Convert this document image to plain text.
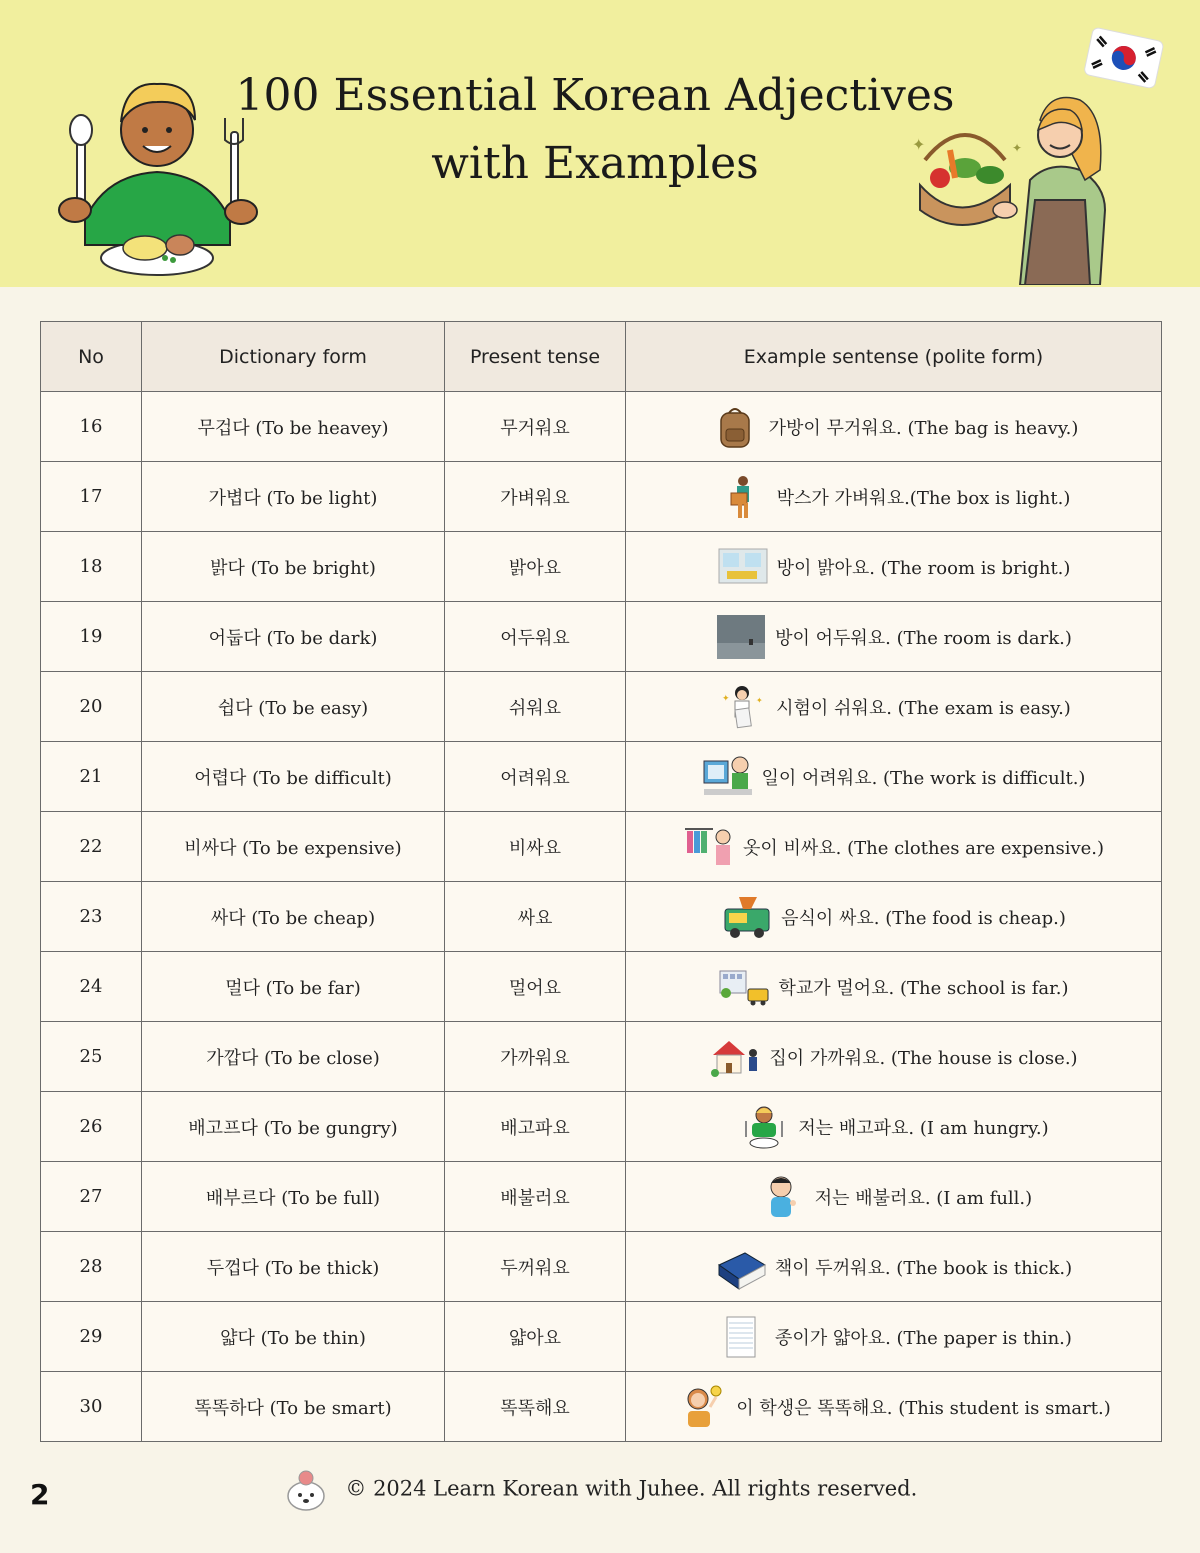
100 Essential Korean Adjectives
with Examples	✦	✦
No	Dictionary form	Present tense	Example sentense (polite form)
16	무겁다 (To be heavey)	무거워요	가방이 무거워요. (The bag is heavy.)

17	가볍다 (To be light)	가벼워요	박스가 가벼워요.(The box is light.)

18	밝다 (To be bright)	밝아요	방이 밝아요. (The room is bright.)

19	어둡다 (To be dark)	어두워요	방이 어두워요. (The room is dark.)

20	쉽다 (To be easy)	쉬워요	✦ ✦ 시험이 쉬워요. (The exam is easy.)

21	어렵다 (To be difficult)	어려워요	일이 어려워요. (The work is difficult.)

22	비싸다 (To be expensive)	비싸요	옷이 비싸요. (The clothes are expensive.)

23	싸다 (To be cheap)	싸요	음식이 싸요. (The food is cheap.)

24	멀다 (To be far)	멀어요	학교가 멀어요. (The school is far.)

25	가깝다 (To be close)	가까워요	집이 가까워요. (The house is close.)

26	배고프다 (To be gungry)	배고파요	저는 배고파요. (I am hungry.)

27	배부르다 (To be full)	배불러요	저는 배불러요. (I am full.)

28	두껍다 (To be thick)	두꺼워요	책이 두꺼워요. (The book is thick.)

29	얇다 (To be thin)	얇아요	종이가 얇아요. (The paper is thin.)

30	똑똑하다 (To be smart)	똑똑해요	이 학생은 똑똑해요. (This student is smart.)
© 2024 Learn Korean with Juhee. All rights reserved.
2
